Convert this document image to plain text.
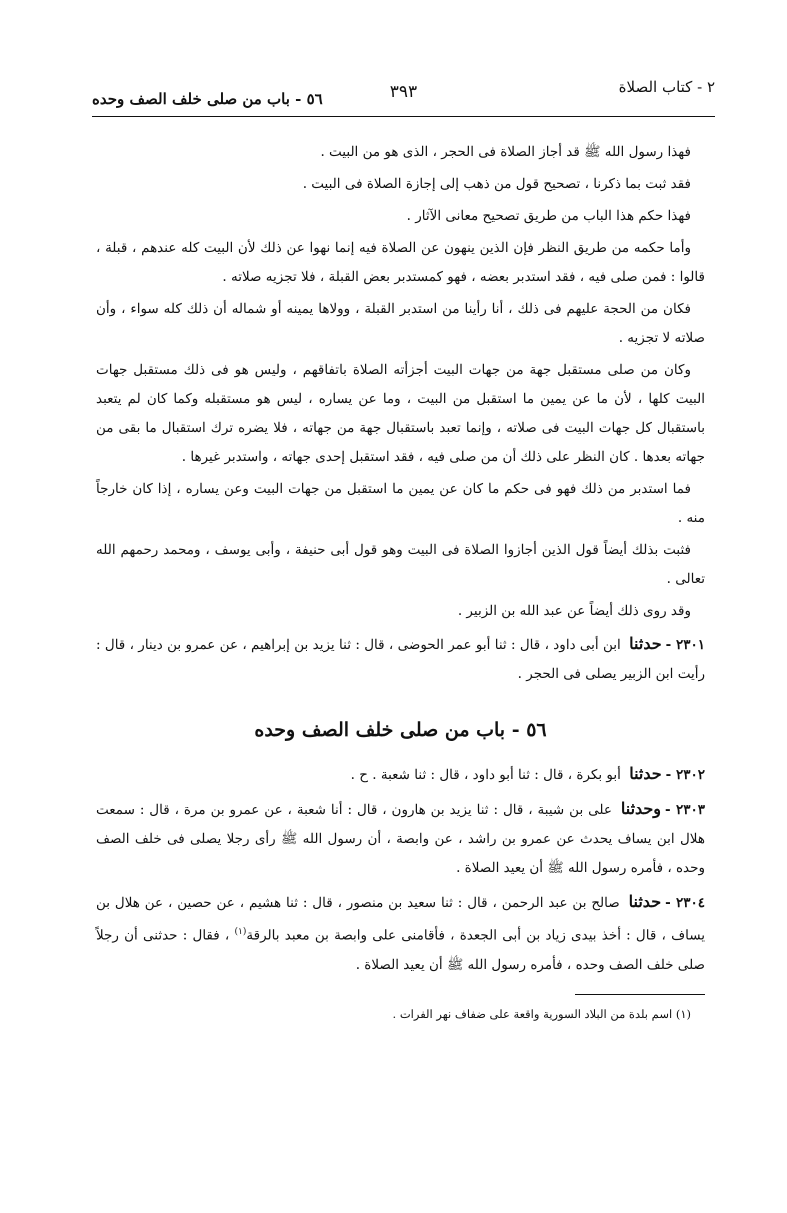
٢ - كتاب الصلاة
٣٩٣
٥٦ - باب من صلى خلف الصف وحده

فهذا رسول الله ﷺ قد أجاز الصلاة فى الحجر ، الذى هو من البيت .

فقد ثبت بما ذكرنا ، تصحيح قول من ذهب إلى إجازة الصلاة فى البيت .

فهذا حكم هذا الباب من طريق تصحيح معانى الآثار .

وأما حكمه من طريق النظر فإن الذين ينهون عن الصلاة فيه إنما نهوا عن ذلك لأن البيت كله عندهم ، قبلة ، قالوا : فمن صلى فيه ، فقد استدبر بعضه ، فهو كمستدبر بعض القبلة ، فلا تجزيه صلاته .

فكان من الحجة عليهم فى ذلك ، أنا رأينا من استدبر القبلة ، وولاها يمينه أو شماله أن ذلك كله سواء ، وأن صلاته لا تجزيه .

وكان من صلى مستقبل جهة من جهات البيت أجزأته الصلاة باتفاقهم ، وليس هو فى ذلك مستقبل جهات البيت كلها ، لأن ما عن يمين ما استقبل من البيت ، وما عن يساره ، ليس هو مستقبله وكما كان لم يتعبد باستقبال كل جهات البيت فى صلاته ، وإنما تعبد باستقبال جهة من جهاته ، فلا يضره ترك استقبال ما بقى من جهاته بعدها . كان النظر على ذلك أن من صلى فيه ، فقد استقبل إحدى جهاته ، واستدبر غيرها .

فما استدبر من ذلك فهو فى حكم ما كان عن يمين ما استقبل من جهات البيت وعن يساره ، إذا كان خارجاً منه .

فثبت بذلك أيضاً قول الذين أجازوا الصلاة فى البيت وهو قول أبى حنيفة ، وأبى يوسف ، ومحمد رحمهم الله تعالى .

وقد روى ذلك أيضاً عن عبد الله بن الزبير .

٢٣٠١ -حدثنا ابن أبى داود ، قال : ثنا أبو عمر الحوضى ، قال : ثنا يزيد بن إبراهيم ، عن عمرو بن دينار ، قال : رأيت ابن الزبير يصلى فى الحجر .

٥٦ - باب من صلى خلف الصف وحده

٢٣٠٢ -حدثنا أبو بكرة ، قال : ثنا أبو داود ، قال : ثنا شعبة . ح .

٢٣٠٣ -وحدثنا على بن شيبة ، قال : ثنا يزيد بن هارون ، قال : أنا شعبة ، عن عمرو بن مرة ، قال : سمعت هلال ابن يساف يحدث عن عمرو بن راشد ، عن وابصة ، أن رسول الله ﷺ رأى رجلا يصلى فى خلف الصف وحده ، فأمره رسول الله ﷺ أن يعيد الصلاة .

٢٣٠٤ -حدثنا صالح بن عبد الرحمن ، قال : ثنا سعيد بن منصور ، قال : ثنا هشيم ، عن حصين ، عن هلال بن يساف ، قال : أخذ بيدى زياد بن أبى الجعدة ، فأقامنى على وابصة بن معبد بالرقة$^{(١)}$ ، فقال : حدثنى أن رجلاً صلى خلف الصف وحده ، فأمره رسول الله ﷺ أن يعيد الصلاة .

(١) اسم بلدة من البلاد السورية واقعة على ضفاف نهر الفرات .
